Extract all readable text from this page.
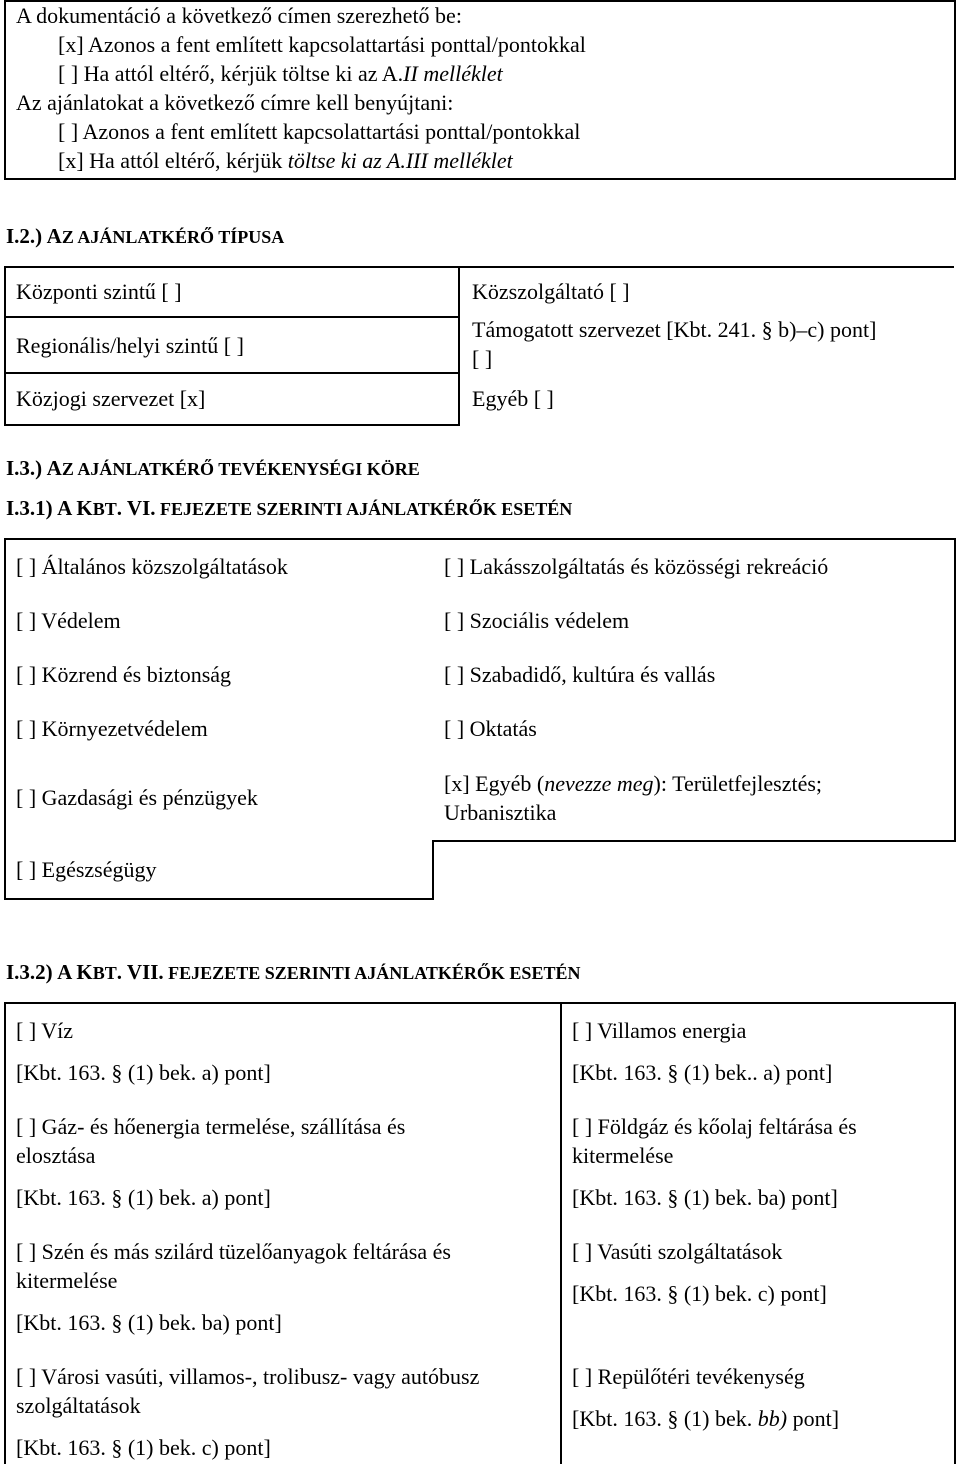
A dokumentáció a következő címen szerezhető be:
[x] Azonos a fent említett kapcsolattartási ponttal/pontokkal
[ ] Ha attól eltérő, kérjük töltse ki az A.II melléklet
Az ajánlatokat a következő címre kell benyújtani:
[ ] Azonos a fent említett kapcsolattartási ponttal/pontokkal
[x] Ha attól eltérő, kérjük töltse ki az A.III melléklet
I.2.) AZ AJÁNLATKÉRŐ TÍPUSA
Központi szintű [ ]	Közszolgáltató [ ]
Regionális/helyi szintű [ ]
Támogatott szervezet [Kbt. 241. § b)–c) pont]
[ ]
Közjogi szervezet [x]	Egyéb [ ]
I.3.) AZ AJÁNLATKÉRŐ TEVÉKENYSÉGI KÖRE
I.3.1) A KBT. VI. FEJEZETE SZERINTI AJÁNLATKÉRŐK ESETÉN
[ ] Általános közszolgáltatások
[ ] Védelem
[ ] Közrend és biztonság
[ ] Környezetvédelem
[ ] Gazdasági és pénzügyek
[ ] Egészségügy
[ ] Lakásszolgáltatás és közösségi rekreáció
[ ] Szociális védelem
[ ] Szabadidő, kultúra és vallás
[ ] Oktatás
[x] Egyéb (nevezze meg): Területfejlesztés;
Urbanisztika
I.3.2) A KBT. VII. FEJEZETE SZERINTI AJÁNLATKÉRŐK ESETÉN
[ ] Víz
[Kbt. 163. § (1) bek. a) pont]
[ ] Gáz- és hőenergia termelése, szállítása és
elosztása
[Kbt. 163. § (1) bek. a) pont]
[ ] Szén és más szilárd tüzelőanyagok feltárása és
kitermelése
[Kbt. 163. § (1) bek. ba) pont]
[ ] Városi vasúti, villamos-, trolibusz- vagy autóbusz
szolgáltatások
[Kbt. 163. § (1) bek. c) pont]
[ ] Villamos energia
[Kbt. 163. § (1) bek.. a) pont]
[ ] Földgáz és kőolaj feltárása és
kitermelése
[Kbt. 163. § (1) bek. ba) pont]
[ ] Vasúti szolgáltatások
[Kbt. 163. § (1) bek. c) pont]
[ ] Repülőtéri tevékenység
[Kbt. 163. § (1) bek. bb) pont]
